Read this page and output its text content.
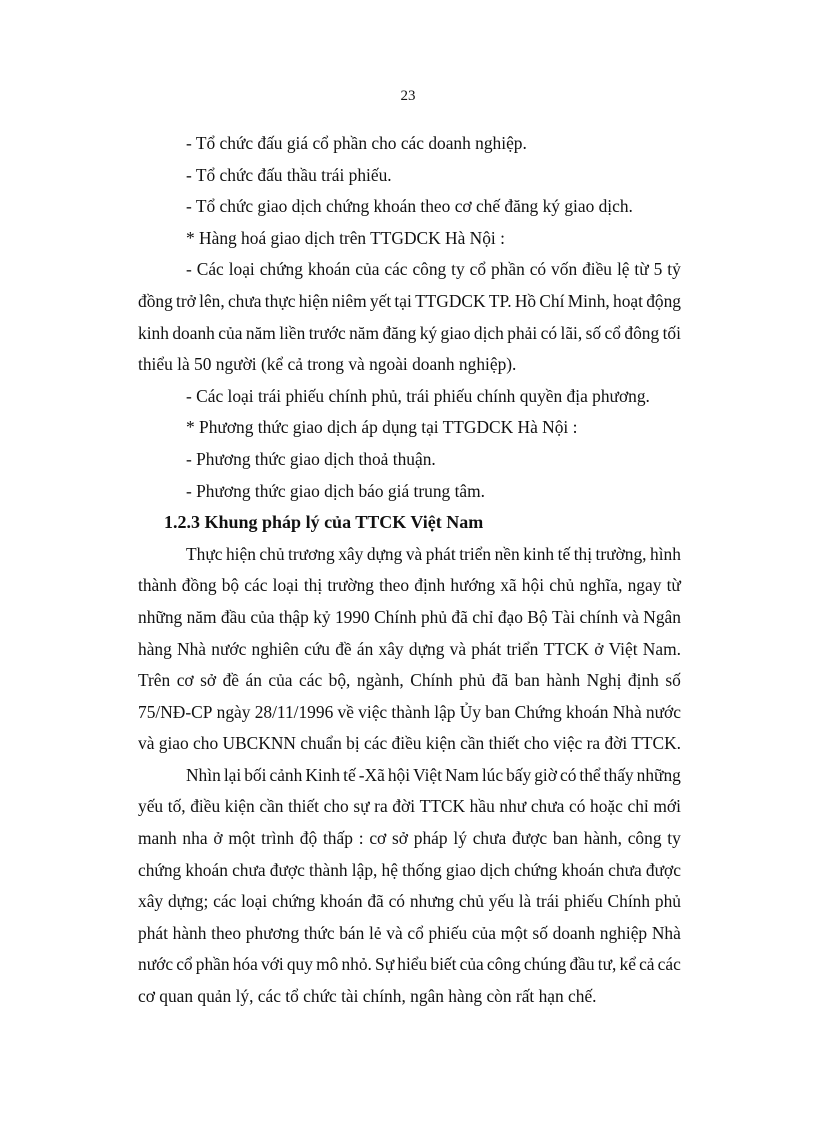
23
- Tổ chức đấu giá cổ phần cho các doanh nghiệp.
- Tổ chức đấu thầu trái phiếu.
- Tổ chức giao dịch chứng khoán theo cơ chế đăng ký giao dịch.
* Hàng hoá giao dịch trên TTGDCK Hà Nội :
- Các loại chứng khoán của các công ty cổ phần có vốn điều lệ từ 5 tỷ
đồng trở lên, chưa thực hiện niêm yết tại TTGDCK TP. Hồ Chí Minh, hoạt động
kinh doanh của năm liền trước năm đăng ký giao dịch phải có lãi, số cổ đông tối
thiểu là 50 người (kể cả trong và ngoài doanh nghiệp).
- Các loại trái phiếu chính phủ, trái phiếu chính quyền địa phương.
* Phương thức giao dịch áp dụng tại TTGDCK Hà Nội :
- Phương thức giao dịch thoả thuận.
- Phương thức giao dịch báo giá trung tâm.
1.2.3 Khung pháp lý của TTCK Việt Nam
Thực hiện chủ trương xây dựng và phát triển nền kinh tế thị trường, hình
thành đồng bộ các loại thị trường theo định hướng xã hội chủ nghĩa, ngay từ
những năm đầu của thập kỷ 1990 Chính phủ đã chỉ đạo Bộ Tài chính và Ngân
hàng Nhà nước nghiên cứu đề án xây dựng và phát triển TTCK ở Việt Nam.
Trên cơ sở đề án của các bộ, ngành, Chính phủ đã ban hành Nghị định số
75/NĐ-CP ngày 28/11/1996 về việc thành lập Ủy ban Chứng khoán Nhà nước
và giao cho UBCKNN chuẩn bị các điều kiện cần thiết cho việc ra đời TTCK.
Nhìn lại bối cảnh Kinh tế -Xã hội Việt Nam lúc bấy giờ có thể thấy những
yếu tố, điều kiện cần thiết cho sự ra đời TTCK hầu như chưa có hoặc chỉ mới
manh nha ở một trình độ thấp : cơ sở pháp lý chưa được ban hành, công ty
chứng khoán chưa được thành lập, hệ thống giao dịch chứng khoán chưa được
xây dựng; các loại chứng khoán đã có nhưng chủ yếu là trái phiếu Chính phủ
phát hành theo phương thức bán lẻ và cổ phiếu của một số doanh nghiệp Nhà
nước cổ phần hóa với quy mô nhỏ. Sự hiểu biết của công chúng đầu tư, kể cả các
cơ quan quản lý, các tổ chức tài chính, ngân hàng còn rất hạn chế.
